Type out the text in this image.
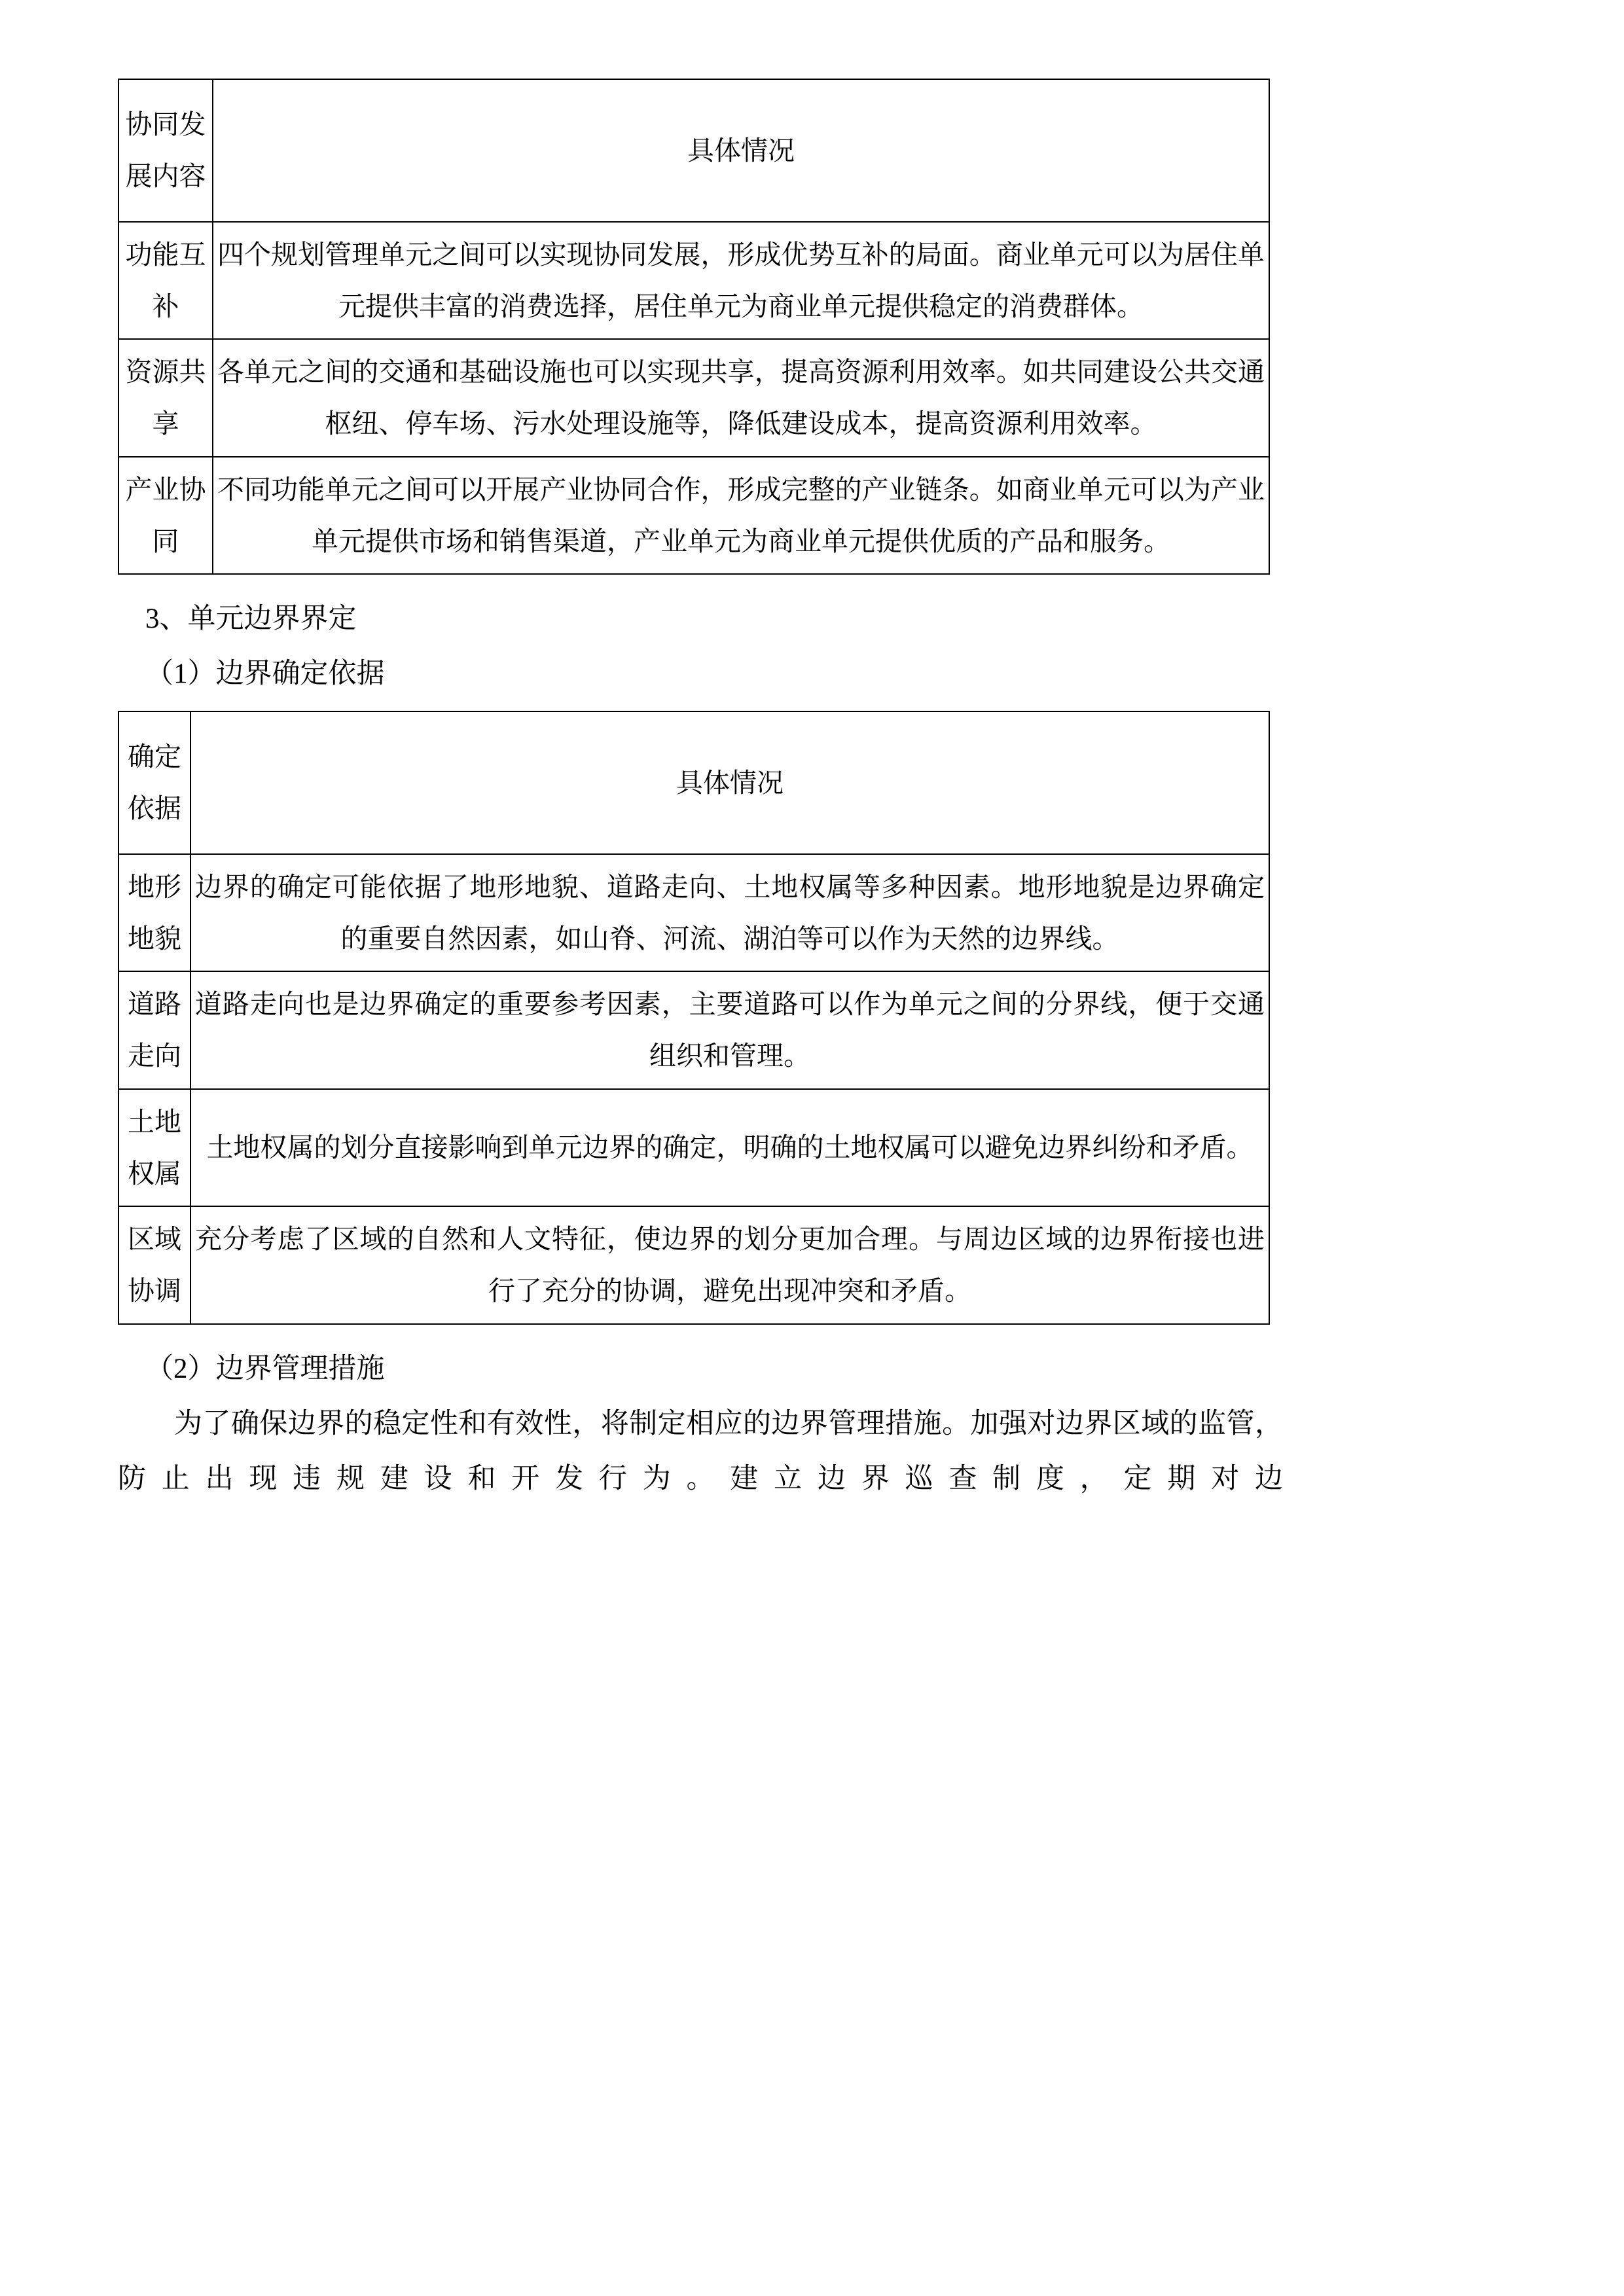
协同发展内容	具体情况
功能互补	四个规划管理单元之间可以实现协同发展，形成优势互补的局面。商业单元可以为居住单元提供丰富的消费选择，居住单元为商业单元提供稳定的消费群体。
资源共享	各单元之间的交通和基础设施也可以实现共享，提高资源利用效率。如共同建设公共交通枢纽、停车场、污水处理设施等，降低建设成本，提高资源利用效率。
产业协同	不同功能单元之间可以开展产业协同合作，形成完整的产业链条。如商业单元可以为产业单元提供市场和销售渠道，产业单元为商业单元提供优质的产品和服务。

3、单元边界界定

（1）边界确定依据

确定依据	具体情况
地形地貌	边界的确定可能依据了地形地貌、道路走向、土地权属等多种因素。地形地貌是边界确定的重要自然因素，如山脊、河流、湖泊等可以作为天然的边界线。
道路走向	道路走向也是边界确定的重要参考因素，主要道路可以作为单元之间的分界线，便于交通组织和管理。
土地权属	土地权属的划分直接影响到单元边界的确定，明确的土地权属可以避免边界纠纷和矛盾。
区域协调	充分考虑了区域的自然和人文特征，使边界的划分更加合理。与周边区域的边界衔接也进行了充分的协调，避免出现冲突和矛盾。

（2）边界管理措施

为了确保边界的稳定性和有效性，将制定相应的边界管理措施。加强对边界区域的监管，防止出现违规建设和开发行为。建立边界巡查制度，定期对边
